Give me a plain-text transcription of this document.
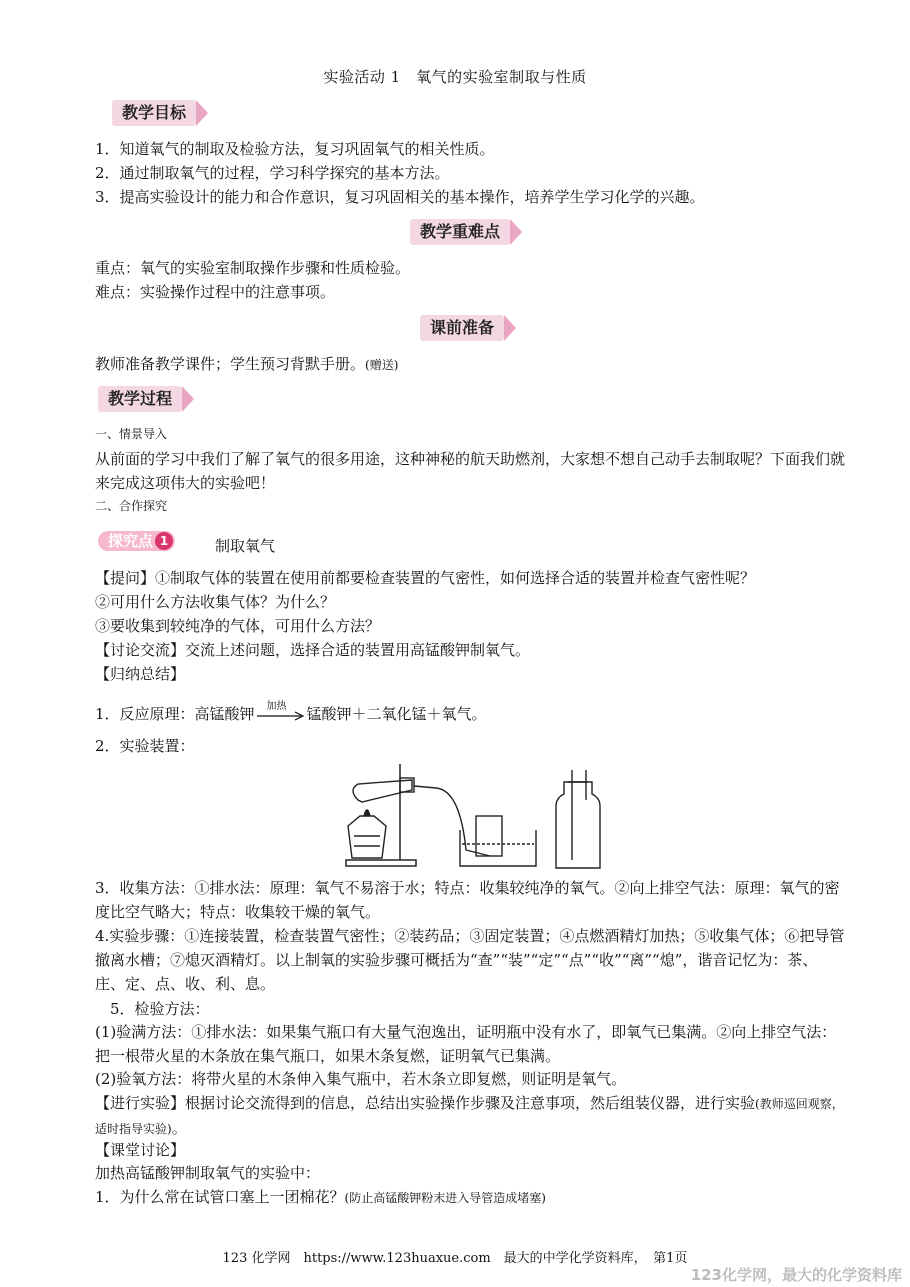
实验活动 1　氧气的实验室制取与性质
教学目标
1．知道氧气的制取及检验方法，复习巩固氧气的相关性质。
2．通过制取氧气的过程，学习科学探究的基本方法。
3．提高实验设计的能力和合作意识，复习巩固相关的基本操作，培养学生学习化学的兴趣。
教学重难点
重点：氧气的实验室制取操作步骤和性质检验。
难点：实验操作过程中的注意事项。
课前准备
教师准备教学课件；学生预习背默手册。(赠送)
教学过程
一、情景导入
从前面的学习中我们了解了氧气的很多用途，这种神秘的航天助燃剂，大家想不想自己动手去制取呢？下面我们就来完成这项伟大的实验吧！
二、合作探究
探究点 1	制取氧气
【提问】①制取气体的装置在使用前都要检查装置的气密性，如何选择合适的装置并检查气密性呢？
②可用什么方法收集气体？为什么？
③要收集到较纯净的气体，可用什么方法？
【讨论交流】交流上述问题，选择合适的装置用高锰酸钾制氧气。
【归纳总结】
1．反应原理：高锰酸钾 加热 锰酸钾＋二氧化锰＋氧气。
2．实验装置：
3．收集方法：①排水法：原理：氧气不易溶于水；特点：收集较纯净的氧气。②向上排空气法：原理：氧气的密度比空气略大；特点：收集较干燥的氧气。
4.实验步骤：①连接装置，检查装置气密性；②装药品；③固定装置；④点燃酒精灯加热；⑤收集气体；⑥把导管撤离水槽；⑦熄灭酒精灯。以上制氧的实验步骤可概括为“查”“装”“定”“点”“收”“离”“熄”，谐音记忆为：茶、庄、定、点、收、利、息。
5．检验方法：
(1)验满方法：①排水法：如果集气瓶口有大量气泡逸出，证明瓶中没有水了，即氧气已集满。②向上排空气法：把一根带火星的木条放在集气瓶口，如果木条复燃，证明氧气已集满。
(2)验氧方法：将带火星的木条伸入集气瓶中，若木条立即复燃，则证明是氧气。
【进行实验】根据讨论交流得到的信息，总结出实验操作步骤及注意事项，然后组装仪器，进行实验(教师巡回观察，适时指导实验)。
【课堂讨论】
加热高锰酸钾制取氧气的实验中：
1．为什么常在试管口塞上一团棉花？(防止高锰酸钾粉末进入导管造成堵塞)
123 化学网　https://www.123huaxue.com　最大的中学化学资料库，　第1页
123化学网，最大的化学资料库
